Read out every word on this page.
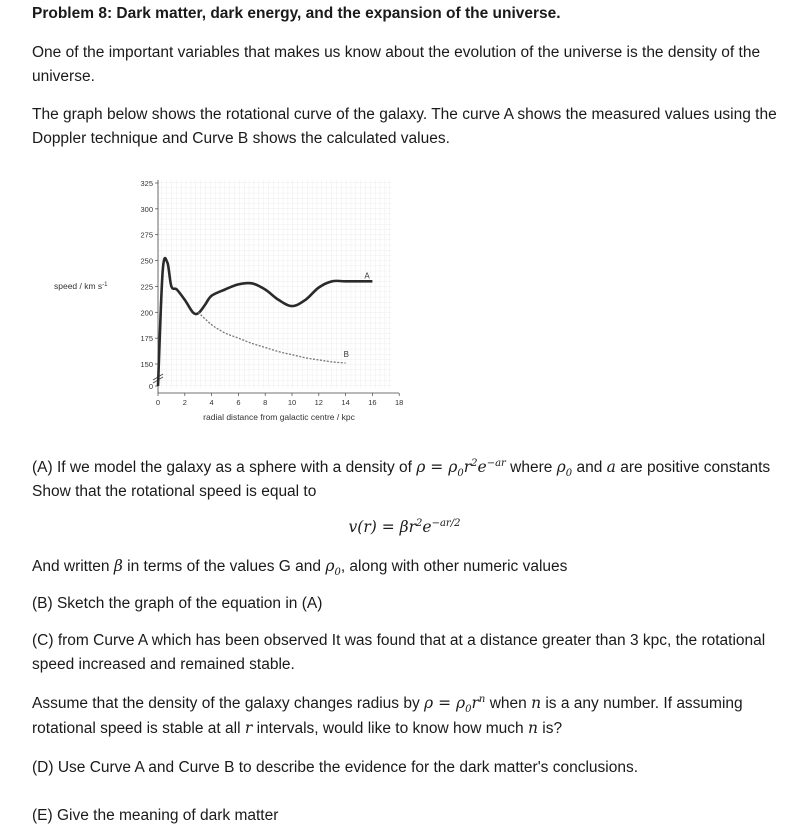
Problem 8: Dark matter, dark energy, and the expansion of the universe.
One of the important variables that makes us know about the evolution of the universe is the density of the universe.
The graph below shows the rotational curve of the galaxy. The curve A shows the measured values using the Doppler technique and Curve B shows the calculated values.
0
150
175
200
225
250
275
300
325
0	2	4	6	8	10 12 14 16 18
A
B
speed / km $s^{-1}$
radial distance from galactic centre / kpc
(A) If we model the galaxy as a sphere with a density of $\rho = \rho_0r^2e^{-ar}$ where $\rho_0$ and a are positive constants Show that the rotational speed is equal to
$v(r) = \beta r^2e^{-ar/2}$
And written β in terms of the values G and $\rho_0$, along with other numeric values
(B) Sketch the graph of the equation in (A)
(C) from Curve A which has been observed It was found that at a distance greater than 3 kpc, the rotational speed increased and remained stable.
Assume that the density of the galaxy changes radius by $\rho = \rho_0r^n$ when n is a any number. If assuming rotational speed is stable at all r intervals, would like to know how much n is?
(D) Use Curve A and Curve B to describe the evidence for the dark matter's conclusions.
(E) Give the meaning of dark matter
